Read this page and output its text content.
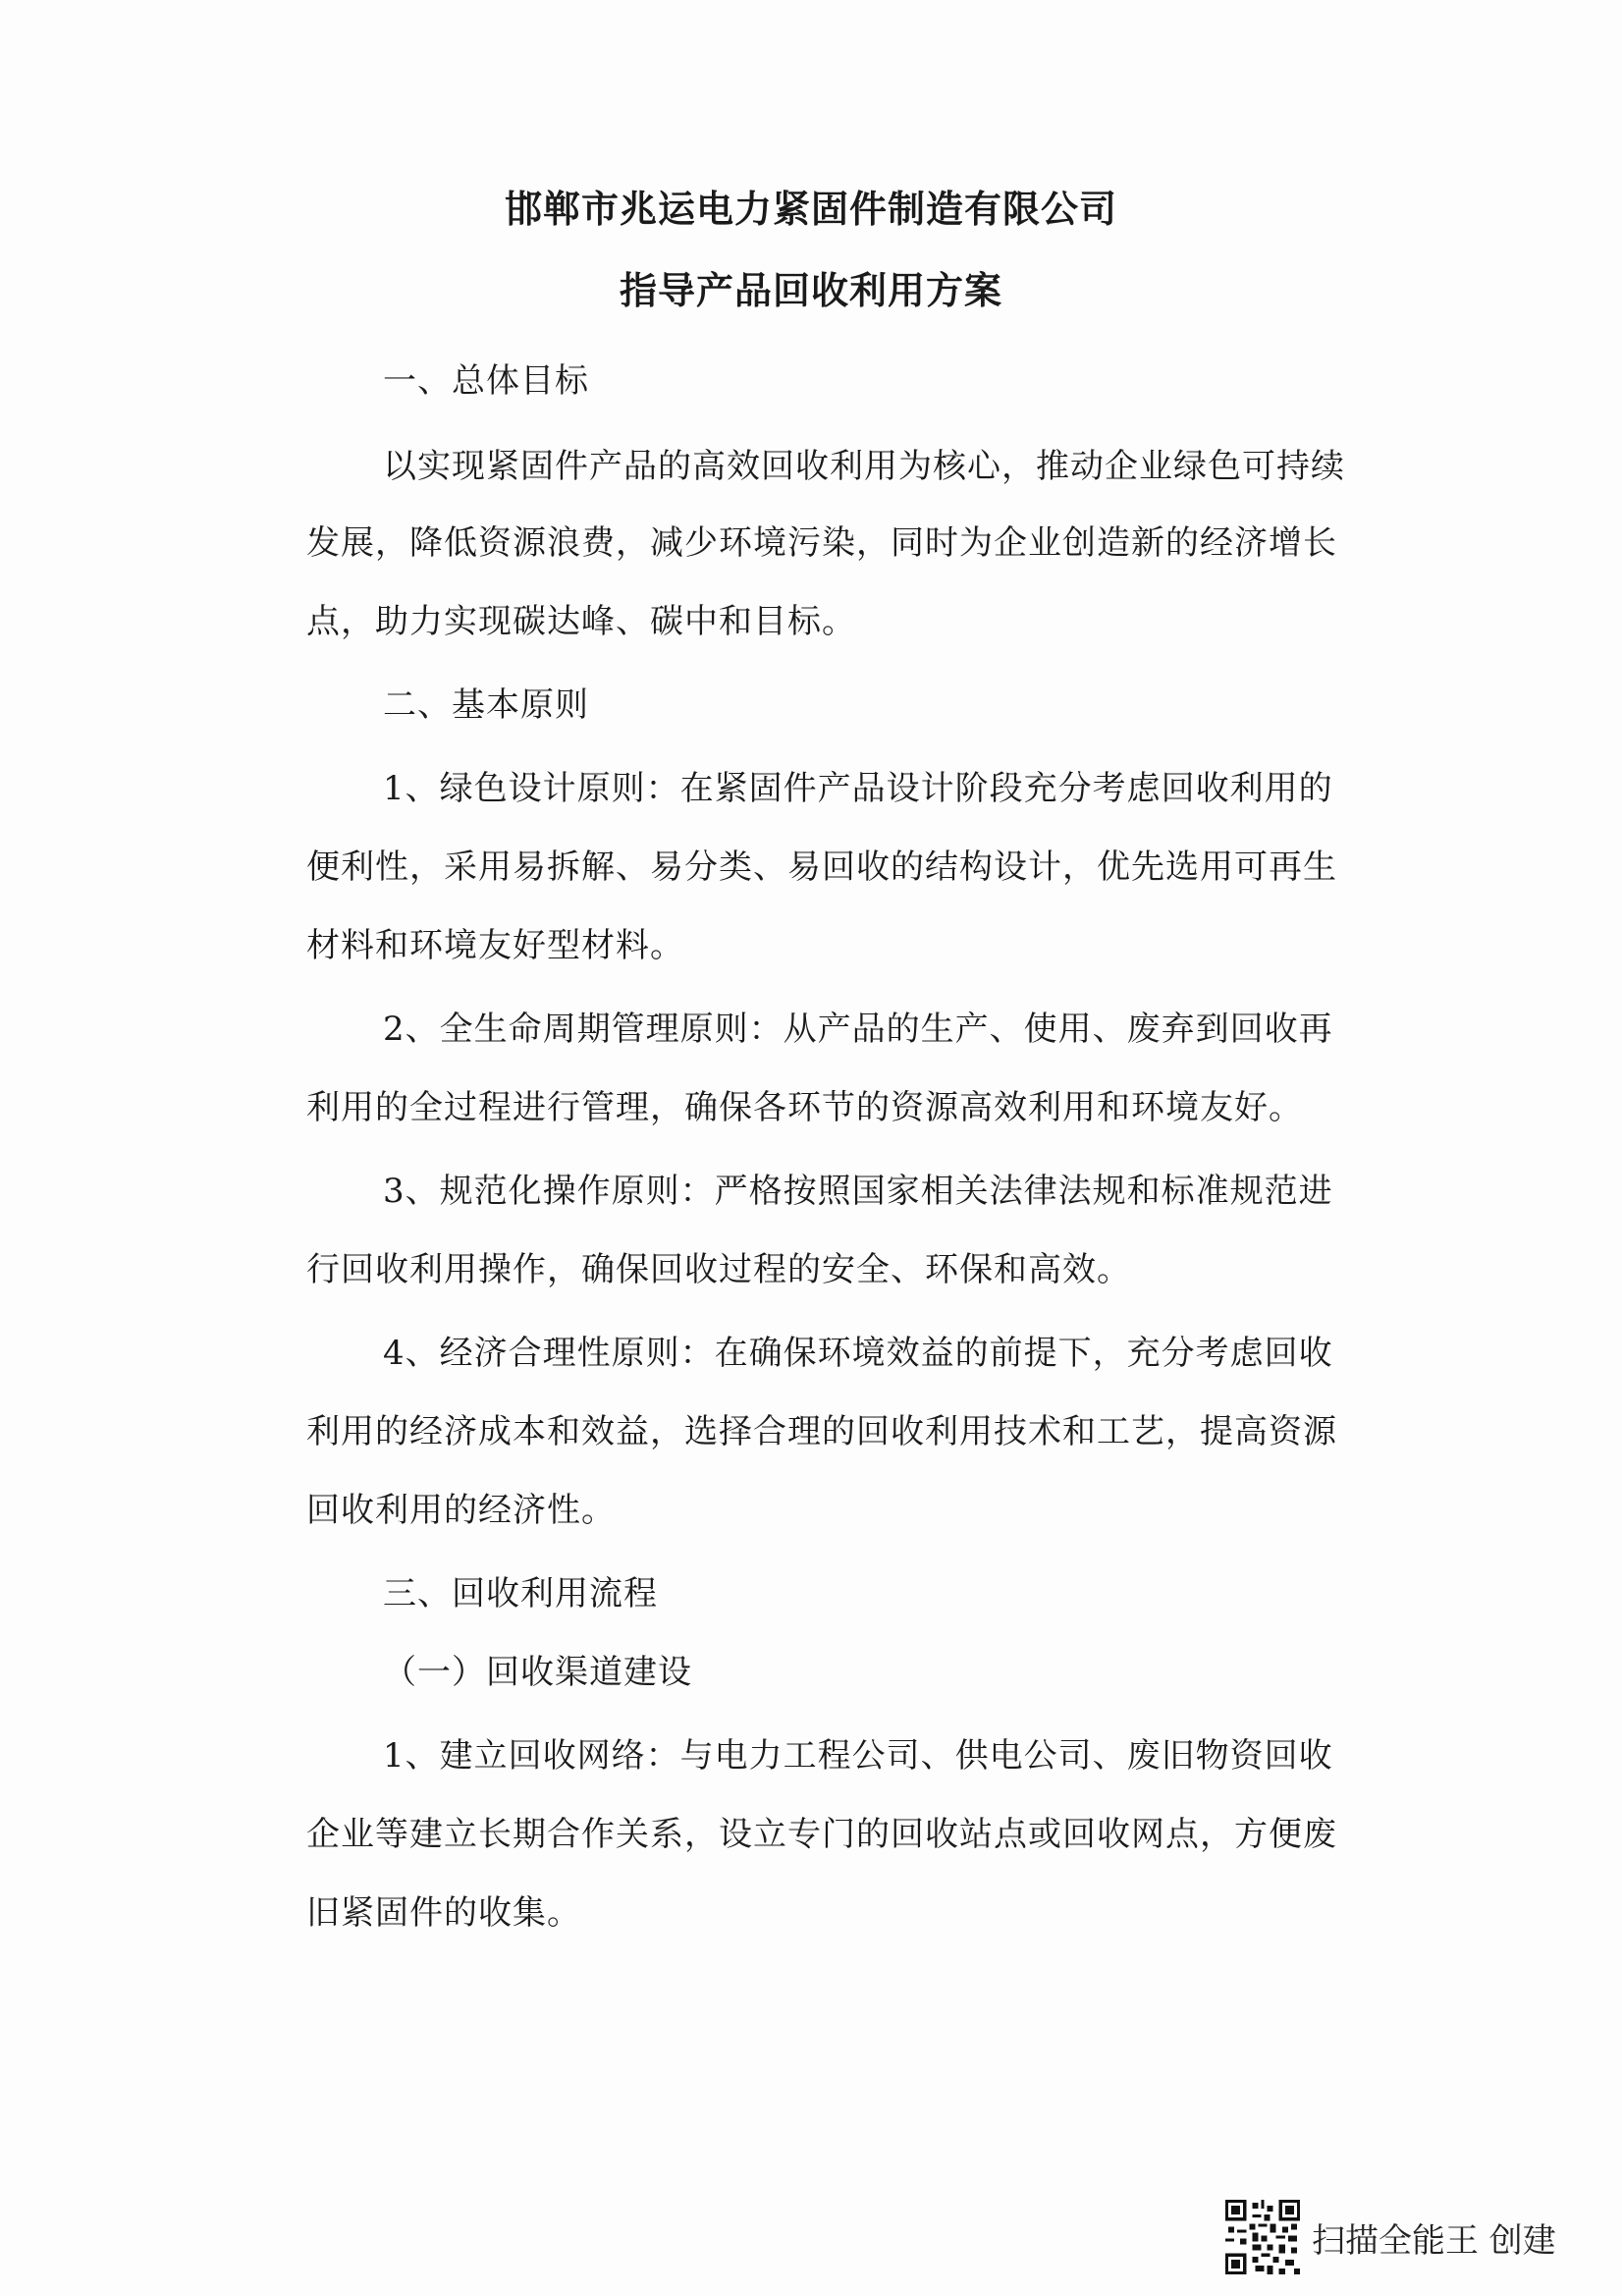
邯郸市兆运电力紧固件制造有限公司
指导产品回收利用方案
一、总体目标
以实现紧固件产品的高效回收利用为核心，推动企业绿色可持续
发展，降低资源浪费，减少环境污染，同时为企业创造新的经济增长
点，助力实现碳达峰、碳中和目标。
二、基本原则
1、绿色设计原则：在紧固件产品设计阶段充分考虑回收利用的
便利性，采用易拆解、易分类、易回收的结构设计，优先选用可再生
材料和环境友好型材料。
2、全生命周期管理原则：从产品的生产、使用、废弃到回收再
利用的全过程进行管理，确保各环节的资源高效利用和环境友好。
3、规范化操作原则：严格按照国家相关法律法规和标准规范进
行回收利用操作，确保回收过程的安全、环保和高效。
4、经济合理性原则：在确保环境效益的前提下，充分考虑回收
利用的经济成本和效益，选择合理的回收利用技术和工艺，提高资源
回收利用的经济性。
三、回收利用流程
（一）回收渠道建设
1、建立回收网络：与电力工程公司、供电公司、废旧物资回收
企业等建立长期合作关系，设立专门的回收站点或回收网点，方便废
旧紧固件的收集。
扫描全能王 创建
